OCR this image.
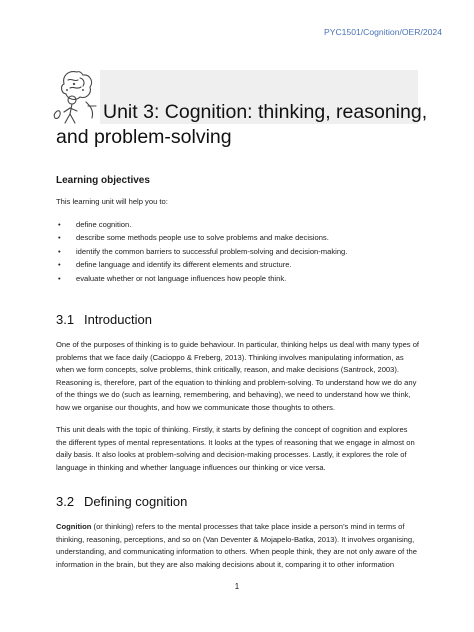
PYC1501/Cognition/OER/2024
Unit 3: Cognition: thinking, reasoning,
and problem-solving
Learning objectives

This learning unit will help you to:

• define cognition.
• describe some methods people use to solve problems and make decisions.
• identify the common barriers to successful problem-solving and decision-making.
• define language and identify its different elements and structure.
• evaluate whether or not language influences how people think.
3.1 Introduction

One of the purposes of thinking is to guide behaviour. In particular, thinking helps us deal with many types of problems that we face daily (Cacioppo & Freberg, 2013). Thinking involves manipulating information, as when we form concepts, solve problems, think critically, reason, and make decisions (Santrock, 2003). Reasoning is, therefore, part of the equation to thinking and problem-solving. To understand how we do any of the things we do (such as learning, remembering, and behaving), we need to understand how we think, how we organise our thoughts, and how we communicate those thoughts to others.

This unit deals with the topic of thinking. Firstly, it starts by defining the concept of cognition and explores the different types of mental representations. It looks at the types of reasoning that we engage in almost on daily basis. It also looks at problem-solving and decision-making processes. Lastly, it explores the role of language in thinking and whether language influences our thinking or vice versa.

3.2 Defining cognition

Cognition (or thinking) refers to the mental processes that take place inside a person’s mind in terms of thinking, reasoning, perceptions, and so on (Van Deventer & Mojapelo-Batka, 2013). It involves organising, understanding, and communicating information to others. When people think, they are not only aware of the information in the brain, but they are also making decisions about it, comparing it to other information

1
